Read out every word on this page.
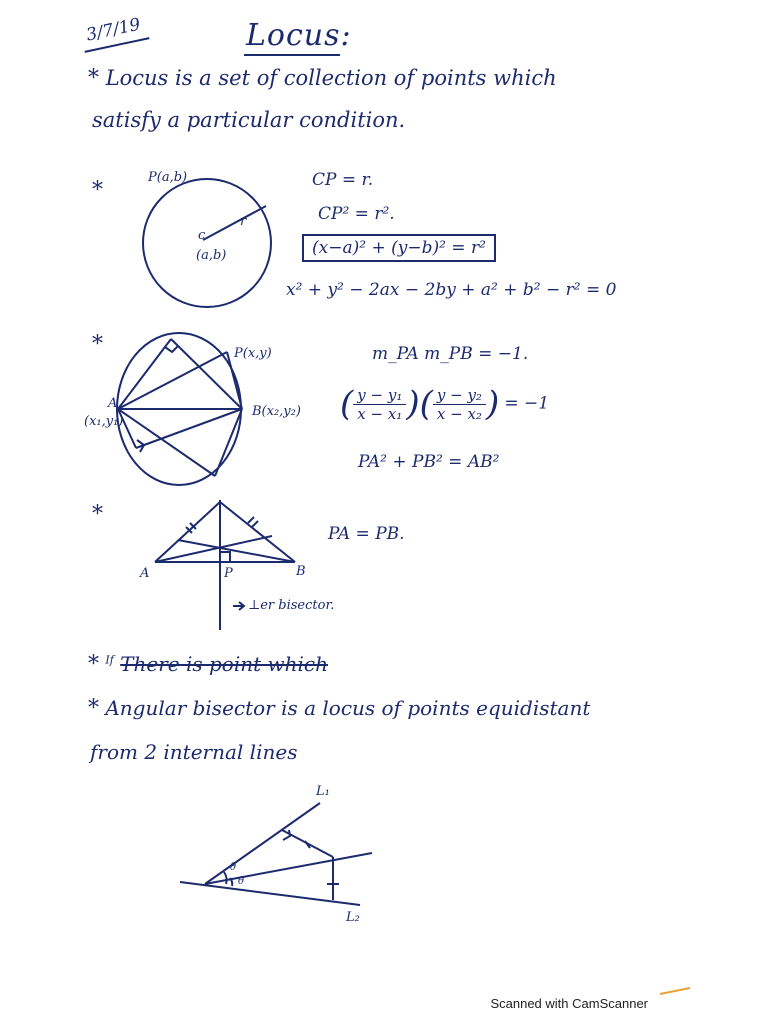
3/7/19	Locus:
* Locus is a set of collection of points which
satisfy a particular condition.
*
P(a,b)
c
(a,b)
r
CP = r.
CP² = r².
(x−a)² + (y−b)² = r²
x² + y² − 2ax − 2by + a² + b² − r² = 0
*	P(x,y)
A
(x₁,y₁)
B(x₂,y₂)
m_PA m_PB = −1.
( $\frac{\text{y − y₁}}{\text{x − x₁}}$ )( $\frac{\text{y − y₂}}{\text{x − x₂}}$ ) = −1
PA² + PB² = AB²
*
A	P	B
PA = PB.
⊥er bisector.
* $^{If}$ There is point which
* Angular bisector is a locus of points equidistant
from 2 internal lines
L₁
L₂
θ
θ
Scanned with CamScanner
